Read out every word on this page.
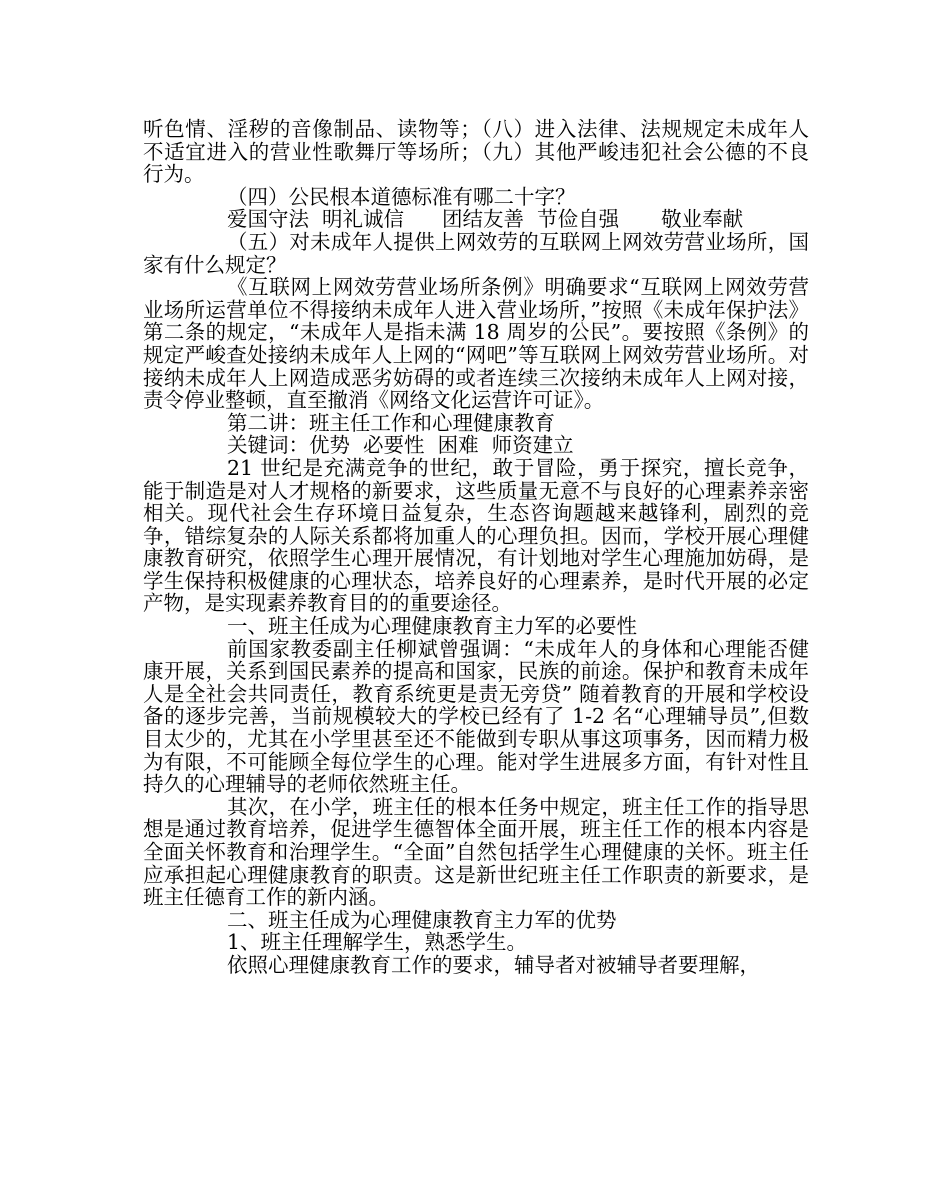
听色情、淫秽的音像制品、读物等；（八）进入法律、法规规定未成年人不适宜进入的营业性歌舞厅等场所；（九）其他严峻违犯社会公德的不良行为。

（四）公民根本道德标准有哪二十字？

爱国守法 明礼诚信 团结友善 节俭自强 敬业奉献

（五）对未成年人提供上网效劳的互联网上网效劳营业场所，国家有什么规定？

《互联网上网效劳营业场所条例》明确要求“互联网上网效劳营业场所运营单位不得接纳未成年人进入营业场所，”按照《未成年保护法》第二条的规定，“未成年人是指未满 18 周岁的公民”。要按照《条例》的规定严峻查处接纳未成年人上网的“网吧”等互联网上网效劳营业场所。对接纳未成年人上网造成恶劣妨碍的或者连续三次接纳未成年人上网对接，责令停业整顿，直至撤消《网络文化运营许可证》。

第二讲：班主任工作和心理健康教育

关键词：优势  必要性  困难  师资建立

21 世纪是充满竞争的世纪，敢于冒险，勇于探究，擅长竞争，能于制造是对人才规格的新要求，这些质量无意不与良好的心理素养亲密相关。现代社会生存环境日益复杂，生态咨询题越来越锋利，剧烈的竞争，错综复杂的人际关系都将加重人的心理负担。因而，学校开展心理健康教育研究，依照学生心理开展情况，有计划地对学生心理施加妨碍，是学生保持积极健康的心理状态，培养良好的心理素养，是时代开展的必定产物，是实现素养教育目的的重要途径。

一、班主任成为心理健康教育主力军的必要性

前国家教委副主任柳斌曾强调：“未成年人的身体和心理能否健康开展，关系到国民素养的提高和国家，民族的前途。保护和教育未成年人是全社会共同责任，教育系统更是责无旁贷” 随着教育的开展和学校设备的逐步完善，当前规模较大的学校已经有了 1-2 名“心理辅导员”,但数目太少的，尤其在小学里甚至还不能做到专职从事这项事务，因而精力极为有限，不可能顾全每位学生的心理。能对学生进展多方面，有针对性且持久的心理辅导的老师依然班主任。

其次，在小学，班主任的根本任务中规定，班主任工作的指导思想是通过教育培养，促进学生德智体全面开展，班主任工作的根本内容是全面关怀教育和治理学生。“全面”自然包括学生心理健康的关怀。班主任应承担起心理健康教育的职责。这是新世纪班主任工作职责的新要求，是班主任德育工作的新内涵。

二、班主任成为心理健康教育主力军的优势

1、班主任理解学生，熟悉学生。

依照心理健康教育工作的要求，辅导者对被辅导者要理解，
